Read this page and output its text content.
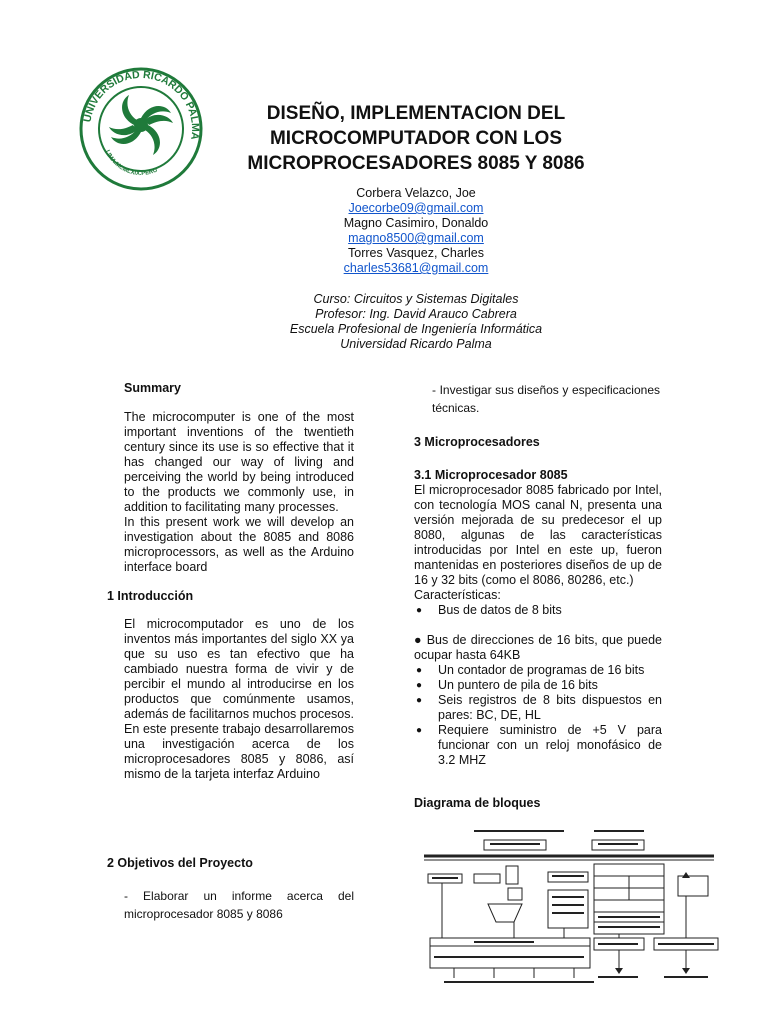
UNIVERSIDAD RICARDO PALMA
LIMA.MCMLXIX.PERU
DISEÑO, IMPLEMENTACION DEL
MICROCOMPUTADOR CON LOS
MICROPROCESADORES 8085 Y 8086
Corbera Velazco, Joe
Joecorbe09@gmail.com
Magno Casimiro, Donaldo
magno8500@gmail.com
Torres Vasquez, Charles
charles53681@gmail.com
Curso: Circuitos y Sistemas Digitales
Profesor: Ing. David Arauco Cabrera
Escuela Profesional de Ingeniería Informática
Universidad Ricardo Palma
Summary

The microcomputer is one of the most important inventions of the twentieth century since its use is so effective that it has changed our way of living and perceiving the world by being introduced to the products we commonly use, in addition to facilitating many processes.

In this present work we will develop an investigation about the 8085 and 8086 microprocessors, as well as the Arduino interface board

1 Introducción

El microcomputador es uno de los inventos más importantes del siglo XX ya que su uso es tan efectivo que ha cambiado nuestra forma de vivir y de percibir el mundo al introducirse en los productos que comúnmente usamos, además de facilitarnos muchos procesos.

En este presente trabajo desarrollaremos una investigación acerca de los microprocesadores 8085 y 8086, así mismo de la tarjeta interfaz Arduino

2 Objetivos del Proyecto

- Elaborar un informe acerca del microprocesador 8085 y 8086

- Investigar sus diseños y especificaciones técnicas.

3 Microprocesadores
3.1 Microprocesador 8085

El microprocesador 8085 fabricado por Intel, con tecnología MOS canal N, presenta una versión mejorada de su predecesor el up 8080, algunas de las características introducidas por Intel en este up, fueron mantenidas en posteriores diseños de up de 16 y 32 bits (como el 8086, 80286, etc.)

Características:

● Bus de datos de 8 bits

● Bus de direcciones de 16 bits, que puede ocupar hasta 64KB

● Un contador de programas de 16 bits

● Un puntero de pila de 16 bits

● Seis registros de 8 bits dispuestos en pares: BC, DE, HL

● Requiere suministro de +5 V para funcionar con un reloj monofásico de 3.2 MHZ

Diagrama de bloques
